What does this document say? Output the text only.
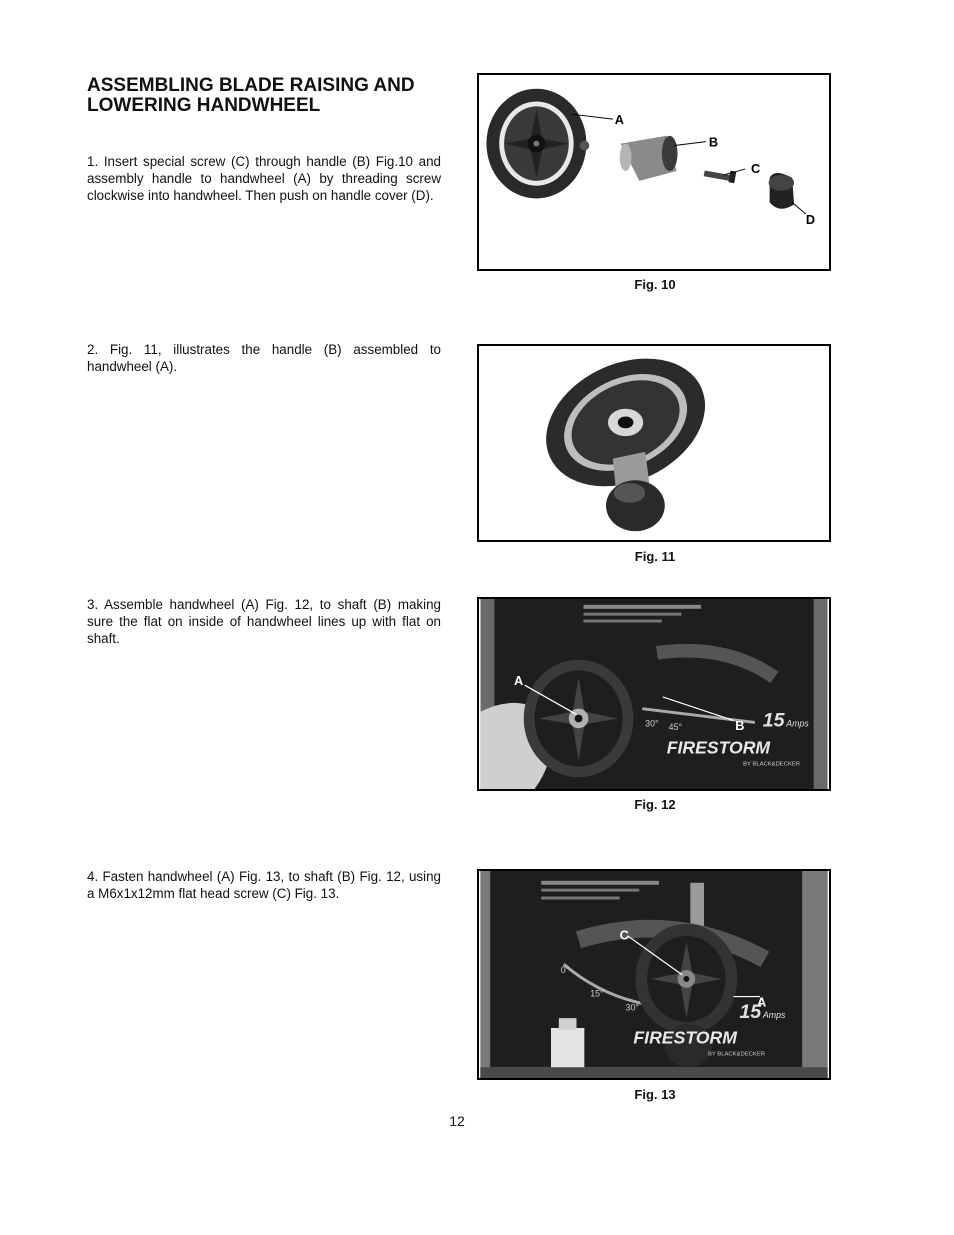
ASSEMBLING BLADE RAISING AND LOWERING HANDWHEEL

1. Insert special screw (C) through handle (B) Fig.10 and assembly handle to handwheel (A) by threading screw clockwise into handwheel. Then push on handle cover (D).

A
B
C
D
Fig. 10

2. Fig. 11, illustrates the handle (B) assembled to handwheel (A).

Fig. 11

3. Assemble handwheel (A) Fig. 12, to shaft (B) making sure the flat on inside of handwheel lines up with flat on shaft.

30° 45°
A
B 15 Amps
FIRESTORM
BY BLACK&DECKER
Fig. 12

4. Fasten handwheel (A) Fig. 13, to shaft (B) Fig. 12, using a M6x1x12mm flat head screw (C) Fig. 13.

0°
15°
30°
C
A
15 Amps
FIRESTORM
BY BLACK&DECKER
Fig. 13
12
